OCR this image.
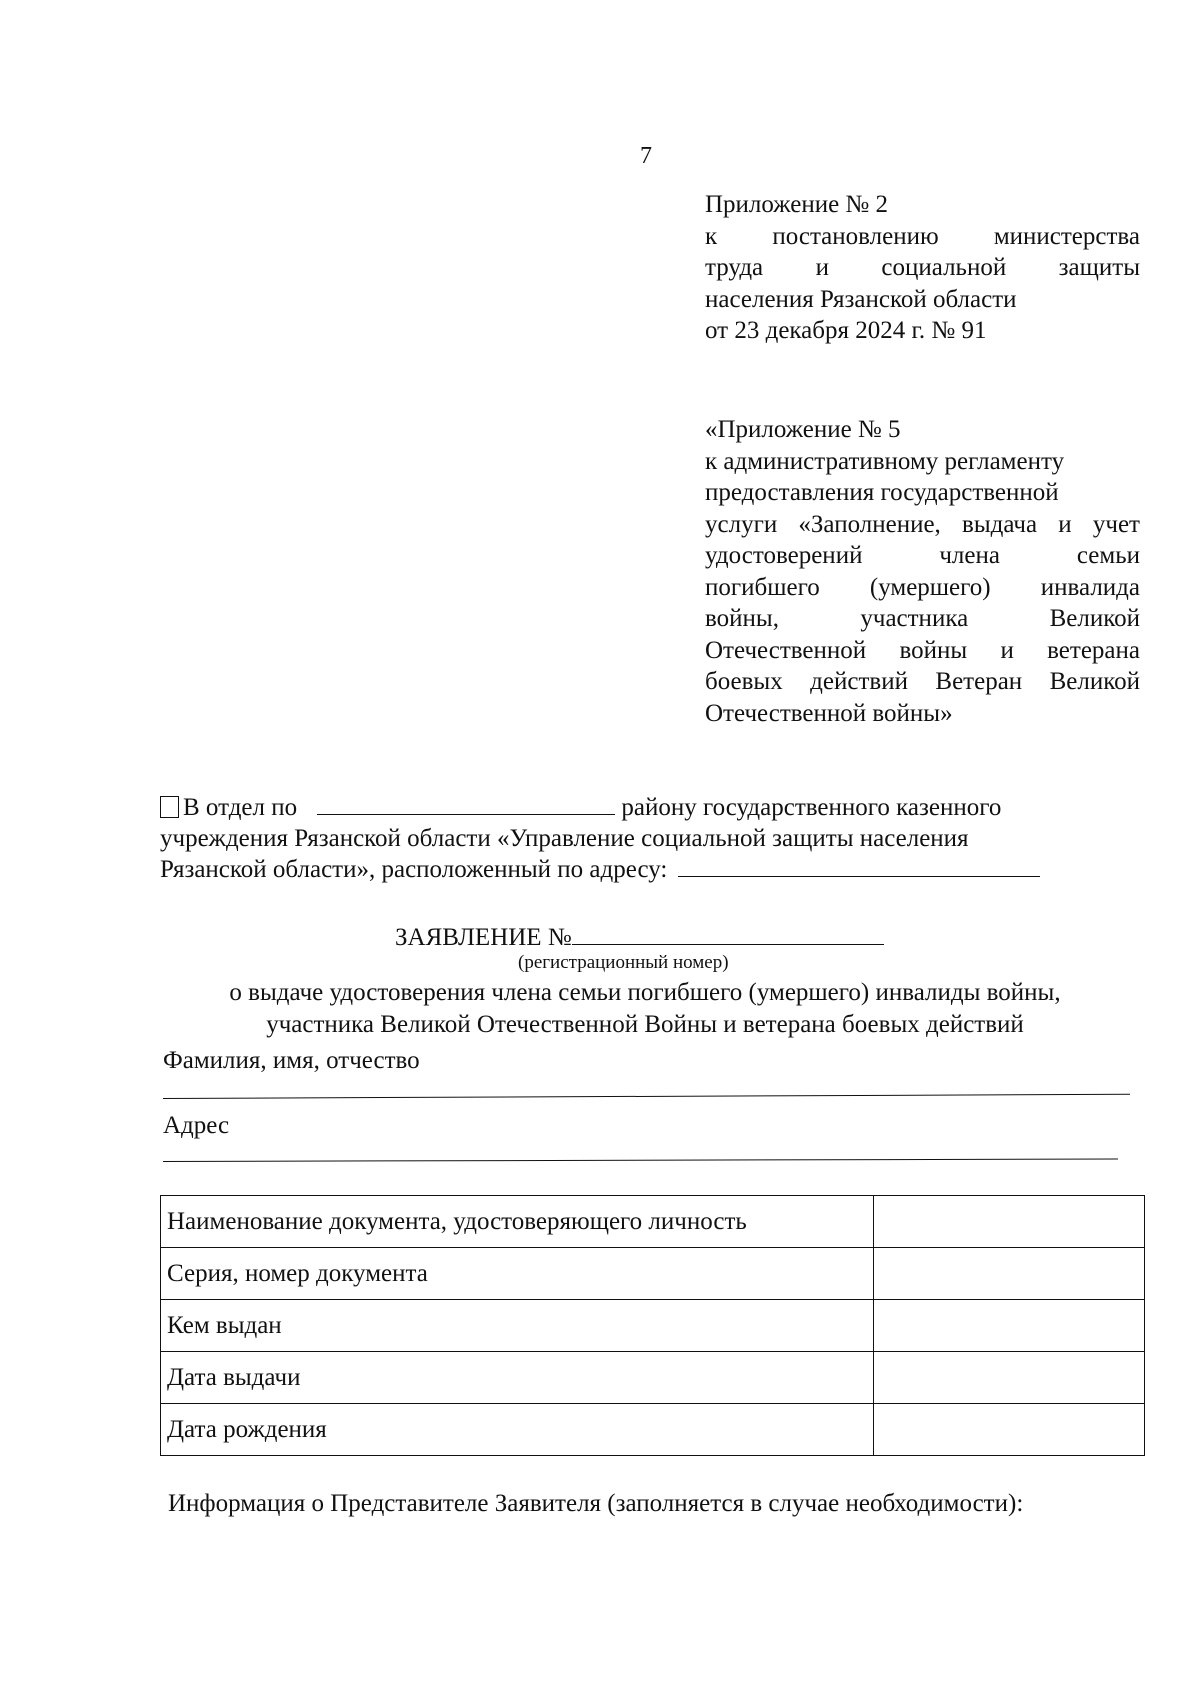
7
Приложение № 2
к постановлению министерства
труда и социальной защиты
населения Рязанской области
от 23 декабря 2024 г. № 91
«Приложение № 5
к административному регламенту
предоставления государственной
услуги «Заполнение, выдача и учет
удостоверений члена семьи
погибшего (умершего) инвалида
войны, участника Великой
Отечественной войны и ветерана
боевых действий Ветеран Великой
Отечественной войны»
В отдел по	району государственного казенного
учреждения Рязанской области «Управление социальной защиты населения
Рязанской области», расположенный по адресу:
ЗАЯВЛЕНИЕ №
(регистрационный номер)
о выдаче удостоверения члена семьи погибшего (умершего) инвалиды войны,
участника Великой Отечественной Войны и ветерана боевых действий
Фамилия, имя, отчество
Адрес
Наименование документа, удостоверяющего личность	
Серия, номер документа	
Кем выдан	
Дата выдачи	
Дата рождения	
Информация о Представителе Заявителя (заполняется в случае необходимости):
